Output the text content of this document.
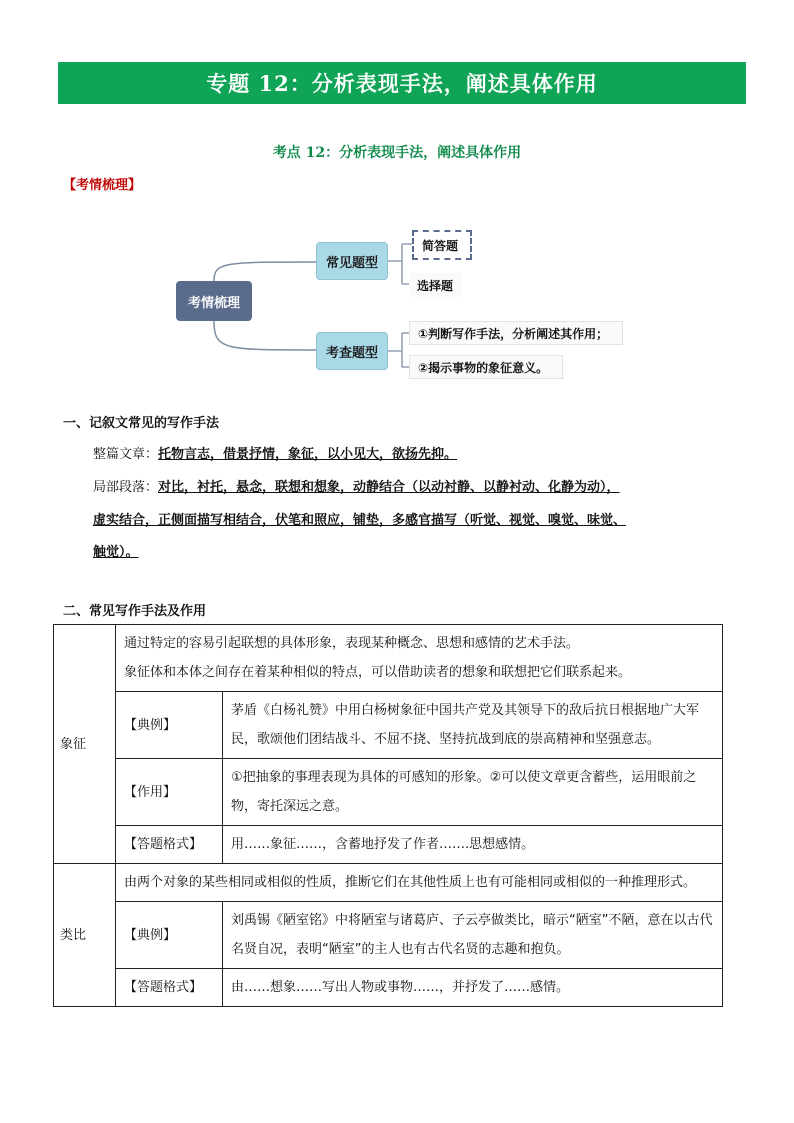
专题 12：分析表现手法，阐述具体作用
考点 12：分析表现手法，阐述具体作用
【考情梳理】
考情梳理
常见题型
考查题型
简答题
选择题
①判断写作手法，分析阐述其作用；
②揭示事物的象征意义。
一、记叙文常见的写作手法
整篇文章：托物言志，借景抒情，象征，以小见大，欲扬先抑。
局部段落：对比，衬托，悬念，联想和想象，动静结合（以动衬静、以静衬动、化静为动），
虚实结合，正侧面描写相结合，伏笔和照应，铺垫，多感官描写（听觉、视觉、嗅觉、味觉、
触觉）。
二、常见写作手法及作用
象征	通过特定的容易引起联想的具体形象，表现某种概念、思想和感情的艺术手法。
象征体和本体之间存在着某种相似的特点，可以借助读者的想象和联想把它们联系起来。	

	【典例】	茅盾《白杨礼赞》中用白杨树象征中国共产党及其领导下的敌后抗日根据地广大军民，歌颂他们团结战斗、不屈不挠、坚持抗战到底的崇高精神和坚强意志。
	【作用】	①把抽象的事理表现为具体的可感知的形象。②可以使文章更含蓄些，运用眼前之物，寄托深远之意。
	【答题格式】	用……象征……，含蓄地抒发了作者…….思想感情。
类比	由两个对象的某些相同或相似的性质，推断它们在其他性质上也有可能相同或相似的一种推理形式。	
	【典例】	刘禹锡《陋室铭》中将陋室与诸葛庐、子云亭做类比，暗示“陋室”不陋，意在以古代名贤自况，表明“陋室”的主人也有古代名贤的志趣和抱负。
	【答题格式】	由……想象……写出人物或事物……，并抒发了……感情。
